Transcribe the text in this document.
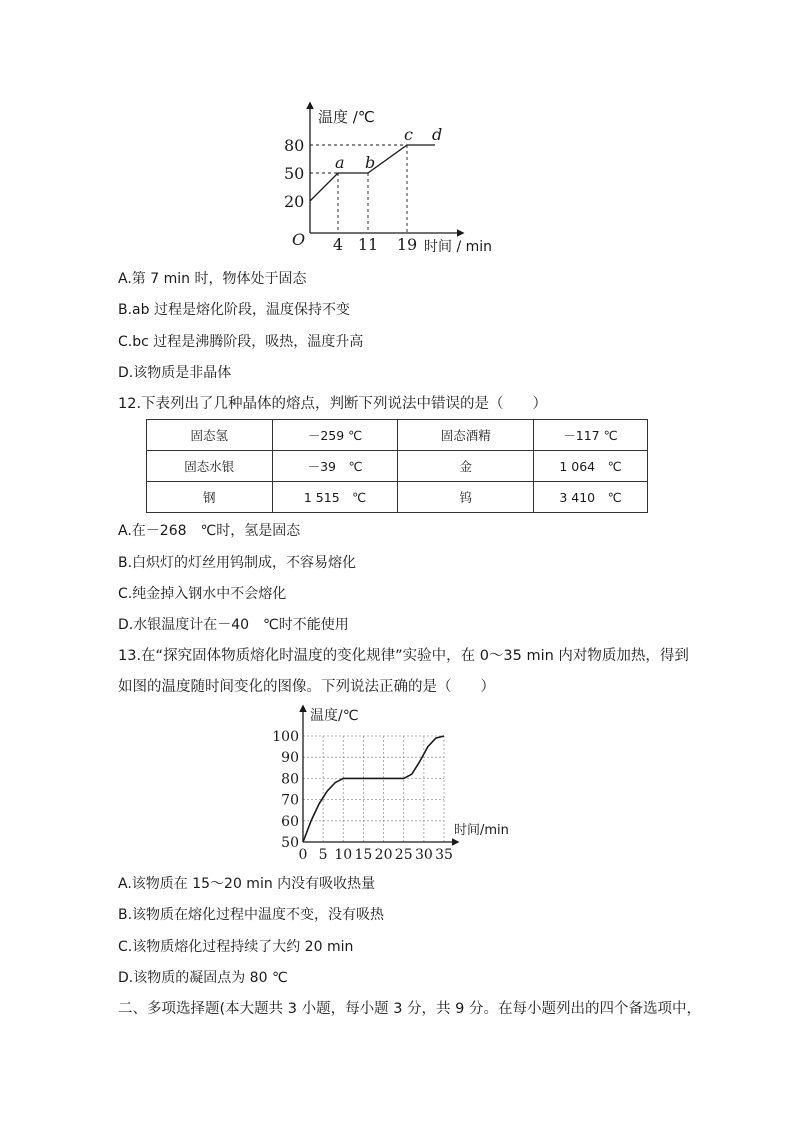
80
50
20
4 11 19
a b
c d
O
温度 /℃
时间 / min
A.第 7 min 时，物体处于固态
B.ab 过程是熔化阶段，温度保持不变
C.bc 过程是沸腾阶段，吸热，温度升高
D.该物质是非晶体
12.下表列出了几种晶体的熔点，判断下列说法中错误的是（　　）
固态氢	－259 ℃	固态酒精	－117 ℃
固态水银	－39　℃	金	1 064　℃
钢	1 515　℃	钨	3 410　℃
A.在－268　℃时，氢是固态
B.白炽灯的灯丝用钨制成，不容易熔化
C.纯金掉入钢水中不会熔化
D.水银温度计在－40　℃时不能使用
13.在“探究固体物质熔化时温度的变化规律”实验中，在 0～35 min 内对物质加热，得到
如图的温度随时间变化的图像。下列说法正确的是（　　）
50
60
70
80
90
100
0 5 10 15 20 25 30 35
温度/℃
时间/min
A.该物质在 15～20 min 内没有吸收热量
B.该物质在熔化过程中温度不变，没有吸热
C.该物质熔化过程持续了大约 20 min
D.该物质的凝固点为 80 ℃
二、多项选择题(本大题共 3 小题，每小题 3 分，共 9 分。在每小题列出的四个备选项中，
